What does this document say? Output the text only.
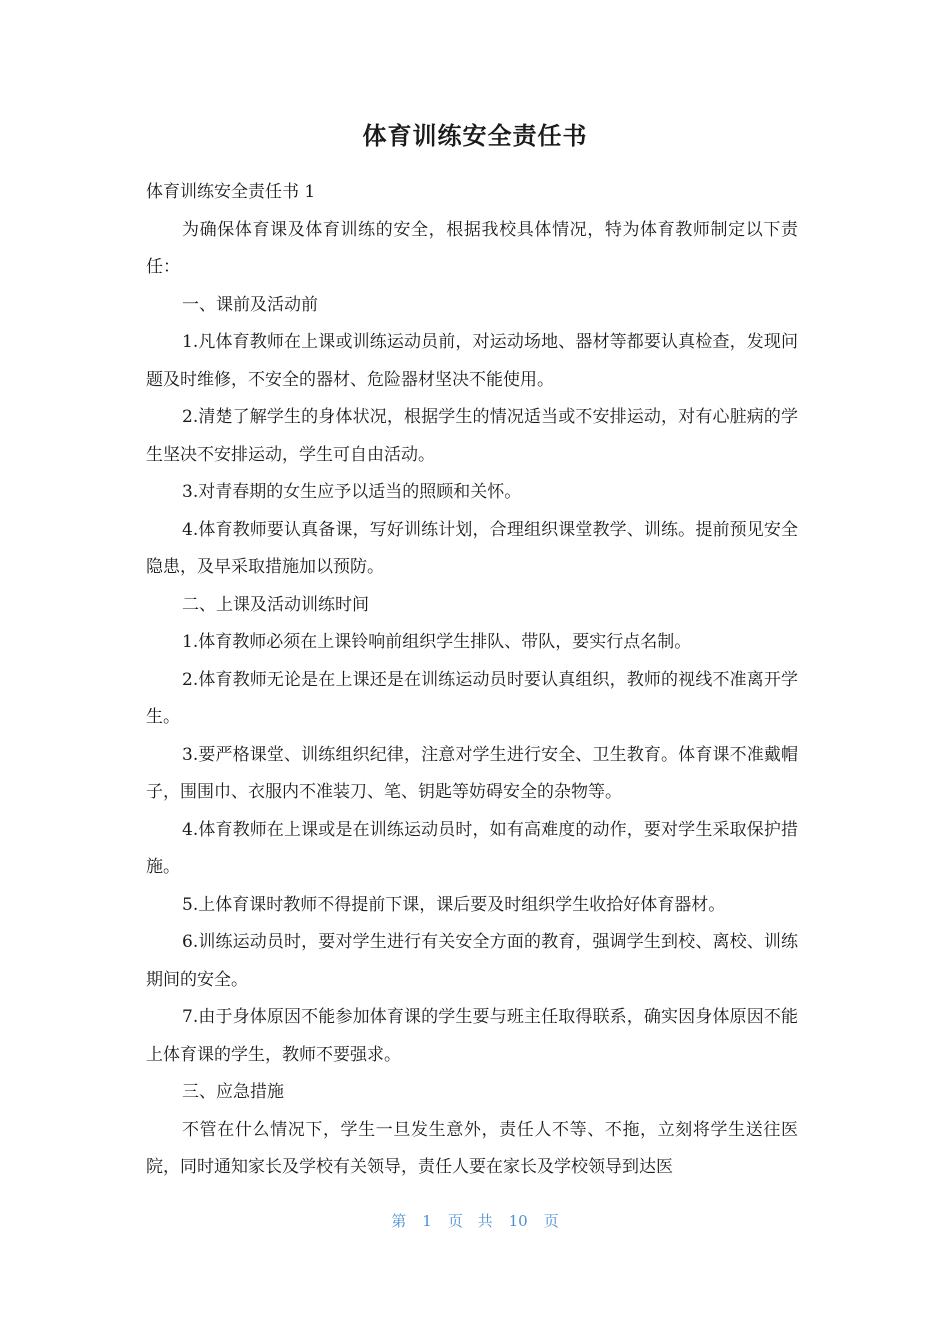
体育训练安全责任书

体育训练安全责任书 1

为确保体育课及体育训练的安全，根据我校具体情况，特为体育教师制定以下责任：

一、课前及活动前

1.凡体育教师在上课或训练运动员前，对运动场地、器材等都要认真检查，发现问题及时维修，不安全的器材、危险器材坚决不能使用。

2.清楚了解学生的身体状况，根据学生的情况适当或不安排运动，对有心脏病的学生坚决不安排运动，学生可自由活动。

3.对青春期的女生应予以适当的照顾和关怀。

4.体育教师要认真备课，写好训练计划，合理组织课堂教学、训练。提前预见安全隐患，及早采取措施加以预防。

二、上课及活动训练时间

1.体育教师必须在上课铃响前组织学生排队、带队，要实行点名制。

2.体育教师无论是在上课还是在训练运动员时要认真组织，教师的视线不准离开学生。

3.要严格课堂、训练组织纪律，注意对学生进行安全、卫生教育。体育课不准戴帽子，围围巾、衣服内不准装刀、笔、钥匙等妨碍安全的杂物等。

4.体育教师在上课或是在训练运动员时，如有高难度的动作，要对学生采取保护措施。

5.上体育课时教师不得提前下课，课后要及时组织学生收拾好体育器材。

6.训练运动员时，要对学生进行有关安全方面的教育，强调学生到校、离校、训练期间的安全。

7.由于身体原因不能参加体育课的学生要与班主任取得联系，确实因身体原因不能上体育课的学生，教师不要强求。

三、应急措施

不管在什么情况下，学生一旦发生意外，责任人不等、不拖，立刻将学生送往医院，同时通知家长及学校有关领导，责任人要在家长及学校领导到达医

第 1 页 共 10 页
